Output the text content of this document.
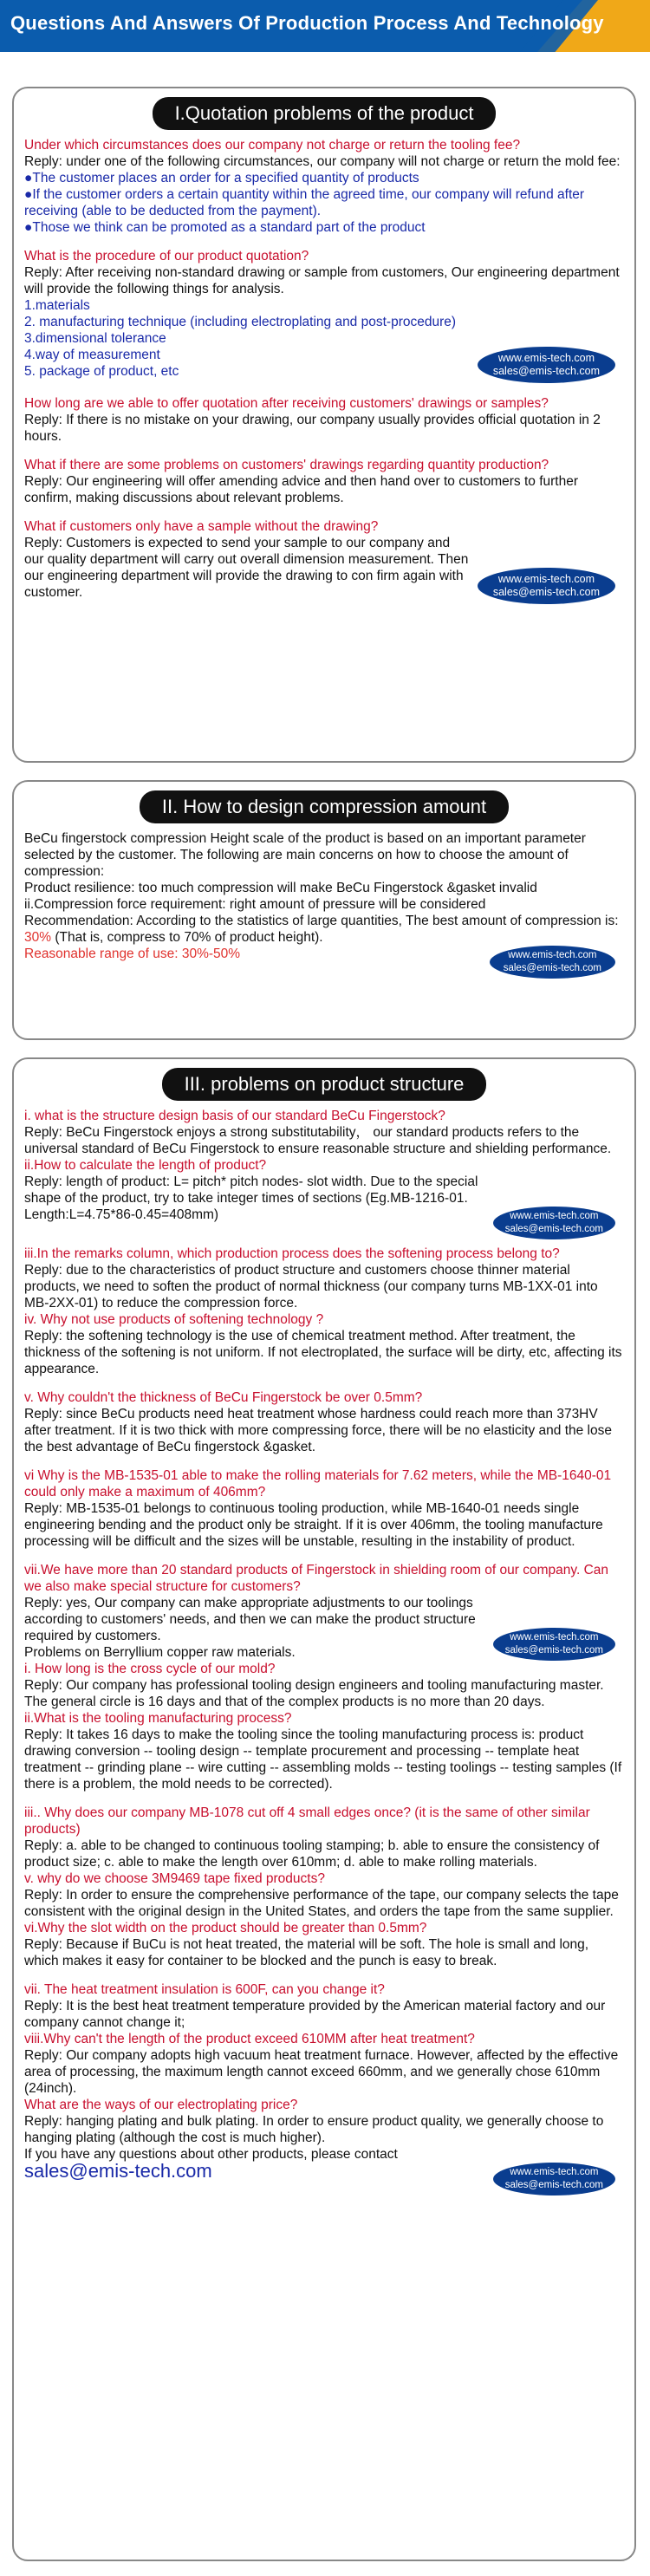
Questions And Answers Of Production Process And Technology
I.Quotation problems of the product

Under which circumstances does our company not charge or return the tooling fee?

Reply: under one of the following circumstances, our company will not charge or return the mold fee:

●The customer places an order for a specified quantity of products

●If the customer orders a certain quantity within the agreed time, our company will refund after receiving (able to be deducted from the payment).

●Those we think can be promoted as a standard part of the product

What is the procedure of our product quotation?

Reply: After receiving non-standard drawing or sample from customers, Our engineering department will provide the following things for analysis.

1.materials

2. manufacturing technique (including electroplating and post-procedure)

3.dimensional tolerance

www.emis-tech.com
sales@emis-tech.com

4.way of measurement

5. package of product, etc

How long are we able to offer quotation after receiving customers' drawings or samples?

Reply: If there is no mistake on your drawing, our company usually provides official quotation in 2 hours.

What if there are some problems on customers' drawings regarding quantity production?

Reply: Our engineering will offer amending advice and then hand over to customers to further confirm, making discussions about relevant problems.

What if customers only have a sample without the drawing?

www.emis-tech.com
sales@emis-tech.com

Reply: Customers is expected to send your sample to our company and our quality department will carry out overall dimension measurement. Then our engineering department will provide the drawing to con firm again with customer.

II. How to design compression amount

BeCu fingerstock compression Height scale of the product is based on an important parameter selected by the customer. The following are main concerns on how to choose the amount of compression:

Product resilience: too much compression will make BeCu Fingerstock &gasket invalid

ii.Compression force requirement: right amount of pressure will be considered

Recommendation: According to the statistics of large quantities, The best amount of compression is: 30% (That is, compress to 70% of product height).

www.emis-tech.com
sales@emis-tech.com

Reasonable range of use: 30%-50%

III. problems on product structure

i. what is the structure design basis of our standard BeCu Fingerstock?

Reply: BeCu Fingerstock enjoys a strong substitutability， our standard products refers to the universal standard of BeCu Fingerstock to ensure reasonable structure and shielding performance.

ii.How to calculate the length of product?

www.emis-tech.com
sales@emis-tech.com

Reply: length of product: L= pitch* pitch nodes- slot width. Due to the special shape of the product, try to take integer times of sections (Eg.MB-1216-01. Length:L=4.75*86-0.45=408mm)

iii.In the remarks column, which production process does the softening process belong to?

Reply: due to the characteristics of product structure and customers choose thinner material products, we need to soften the product of normal thickness (our company turns MB-1XX-01 into MB-2XX-01) to reduce the compression force.

iv. Why not use products of softening technology ?

Reply: the softening technology is the use of chemical treatment method. After treatment, the thickness of the softening is not uniform. If not electroplated, the surface will be dirty, etc, affecting its appearance.

v. Why couldn't the thickness of BeCu Fingerstock be over 0.5mm?

Reply: since BeCu products need heat treatment whose hardness could reach more than 373HV after treatment. If it is two thick with more compressing force, there will be no elasticity and the lose the best advantage of BeCu fingerstock &gasket.

vi Why is the MB-1535-01 able to make the rolling materials for 7.62 meters, while the MB-1640-01 could only make a maximum of 406mm?

Reply: MB-1535-01 belongs to continuous tooling production, while MB-1640-01 needs single engineering bending and the product only be straight. If it is over 406mm, the tooling manufacture processing will be difficult and the sizes will be unstable, resulting in the instability of product.

vii.We have more than 20 standard products of Fingerstock in shielding room of our company. Can we also make special structure for customers?

www.emis-tech.com
sales@emis-tech.com

Reply: yes, Our company can make appropriate adjustments to our toolings according to customers' needs, and then we can make the product structure required by customers.

Problems on Berryllium copper raw materials.

i. How long is the cross cycle of our mold?

Reply: Our company has professional tooling design engineers and tooling manufacturing master. The general circle is 16 days and that of the complex products is no more than 20 days.

ii.What is the tooling manufacturing process?

Reply: It takes 16 days to make the tooling since the tooling manufacturing process is: product drawing conversion -- tooling design -- template procurement and processing -- template heat treatment -- grinding plane -- wire cutting -- assembling molds -- testing toolings -- testing samples (If there is a problem, the mold needs to be corrected).

iii.. Why does our company MB-1078 cut off 4 small edges once? (it is the same of other similar products)

Reply: a. able to be changed to continuous tooling stamping; b. able to ensure the consistency of product size; c. able to make the length over 610mm; d. able to make rolling materials.

v. why do we choose 3M9469 tape fixed products?

Reply: In order to ensure the comprehensive performance of the tape, our company selects the tape consistent with the original design in the United States, and orders the tape from the same supplier.

vi.Why the slot width on the product should be greater than 0.5mm?

Reply: Because if BuCu is not heat treated, the material will be soft. The hole is small and long, which makes it easy for container to be blocked and the punch is easy to break.

vii. The heat treatment insulation is 600F, can you change it?

Reply: It is the best heat treatment temperature provided by the American material factory and our company cannot change it;

viii.Why can't the length of the product exceed 610MM after heat treatment?

Reply: Our company adopts high vacuum heat treatment furnace. However, affected by the effective area of processing, the maximum length cannot exceed 660mm, and we generally chose 610mm (24inch).

What are the ways of our electroplating price?

Reply: hanging plating and bulk plating. In order to ensure product quality, we generally choose to hanging plating (although the cost is much higher).

If you have any questions about other products, please contact

www.emis-tech.com
sales@emis-tech.com

sales@emis-tech.com
